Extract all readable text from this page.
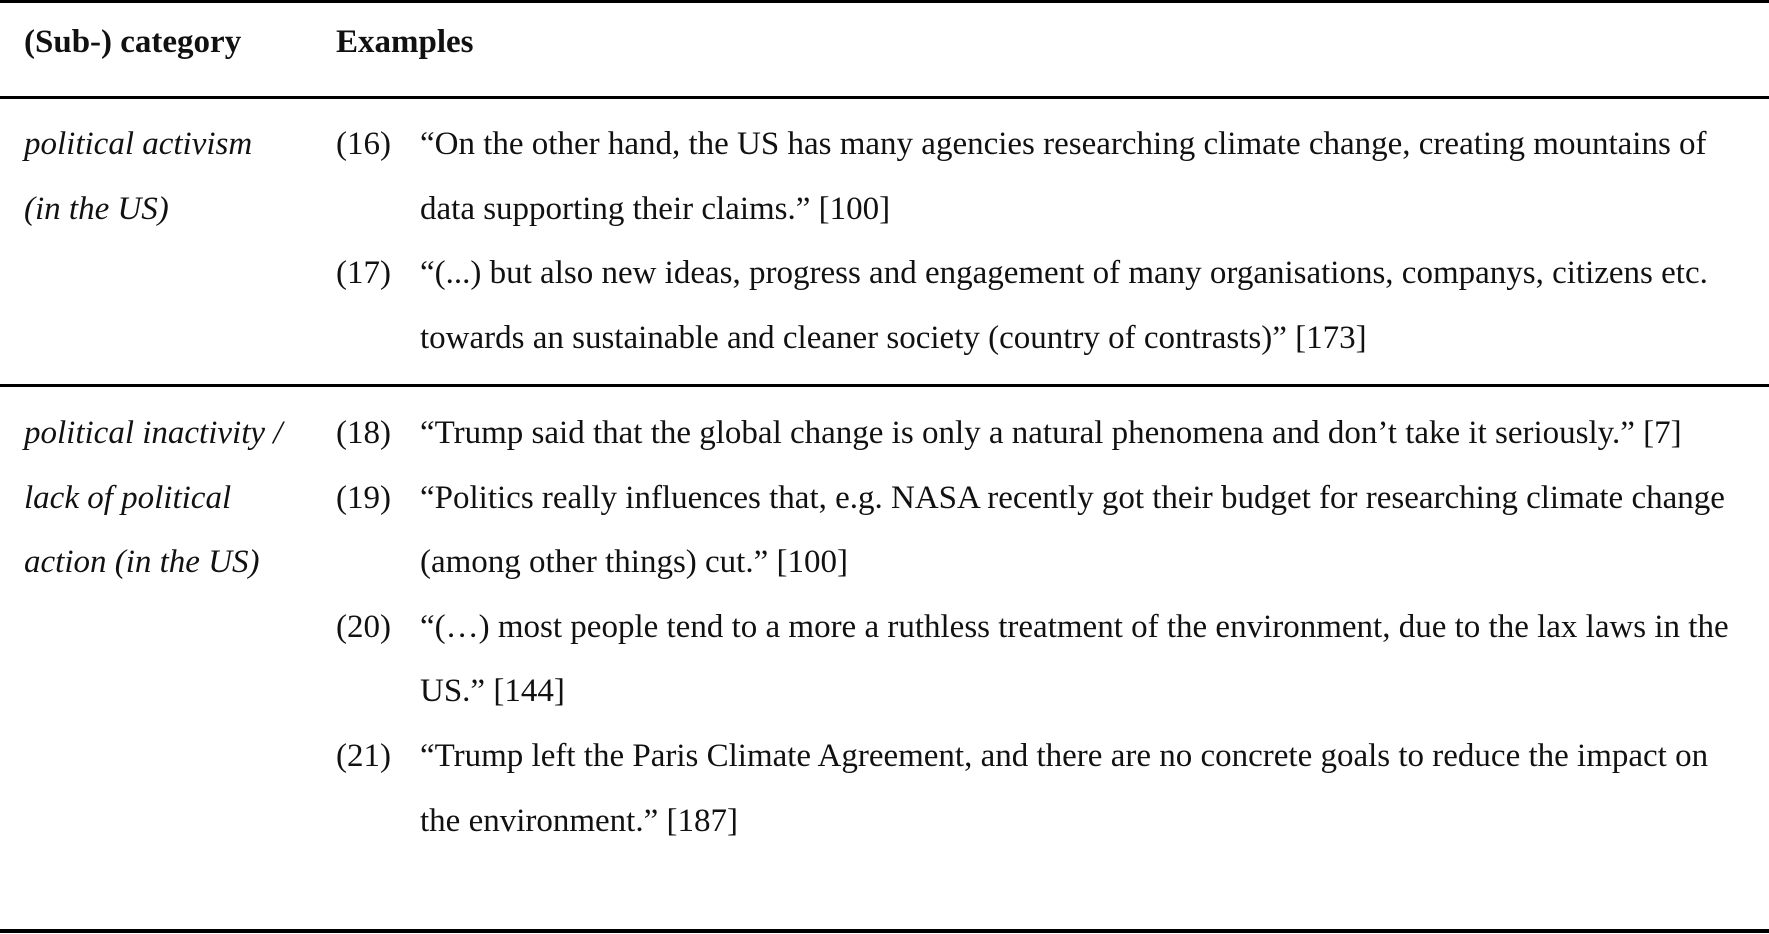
(Sub-) category	Examples
political activism (in the US)
(16) “On the other hand, the US has many agencies researching climate change, creating mountains of data supporting their claims.” [100]
(17) “(...) but also new ideas, progress and engagement of many organisations, companys, citizens etc. towards an sustainable and cleaner society (country of contrasts)” [173]
political inactivity / lack of political action (in the US)
(18) “Trump said that the global change is only a natural phenomena and don’t take it seriously.” [7]
(19) “Politics really influences that, e.g. NASA recently got their budget for researching climate change (among other things) cut.” [100]
(20) “(…) most people tend to a more a ruthless treatment of the environment, due to the lax laws in the US.” [144]
(21) “Trump left the Paris Climate Agreement, and there are no concrete goals to reduce the impact on the environment.” [187]
